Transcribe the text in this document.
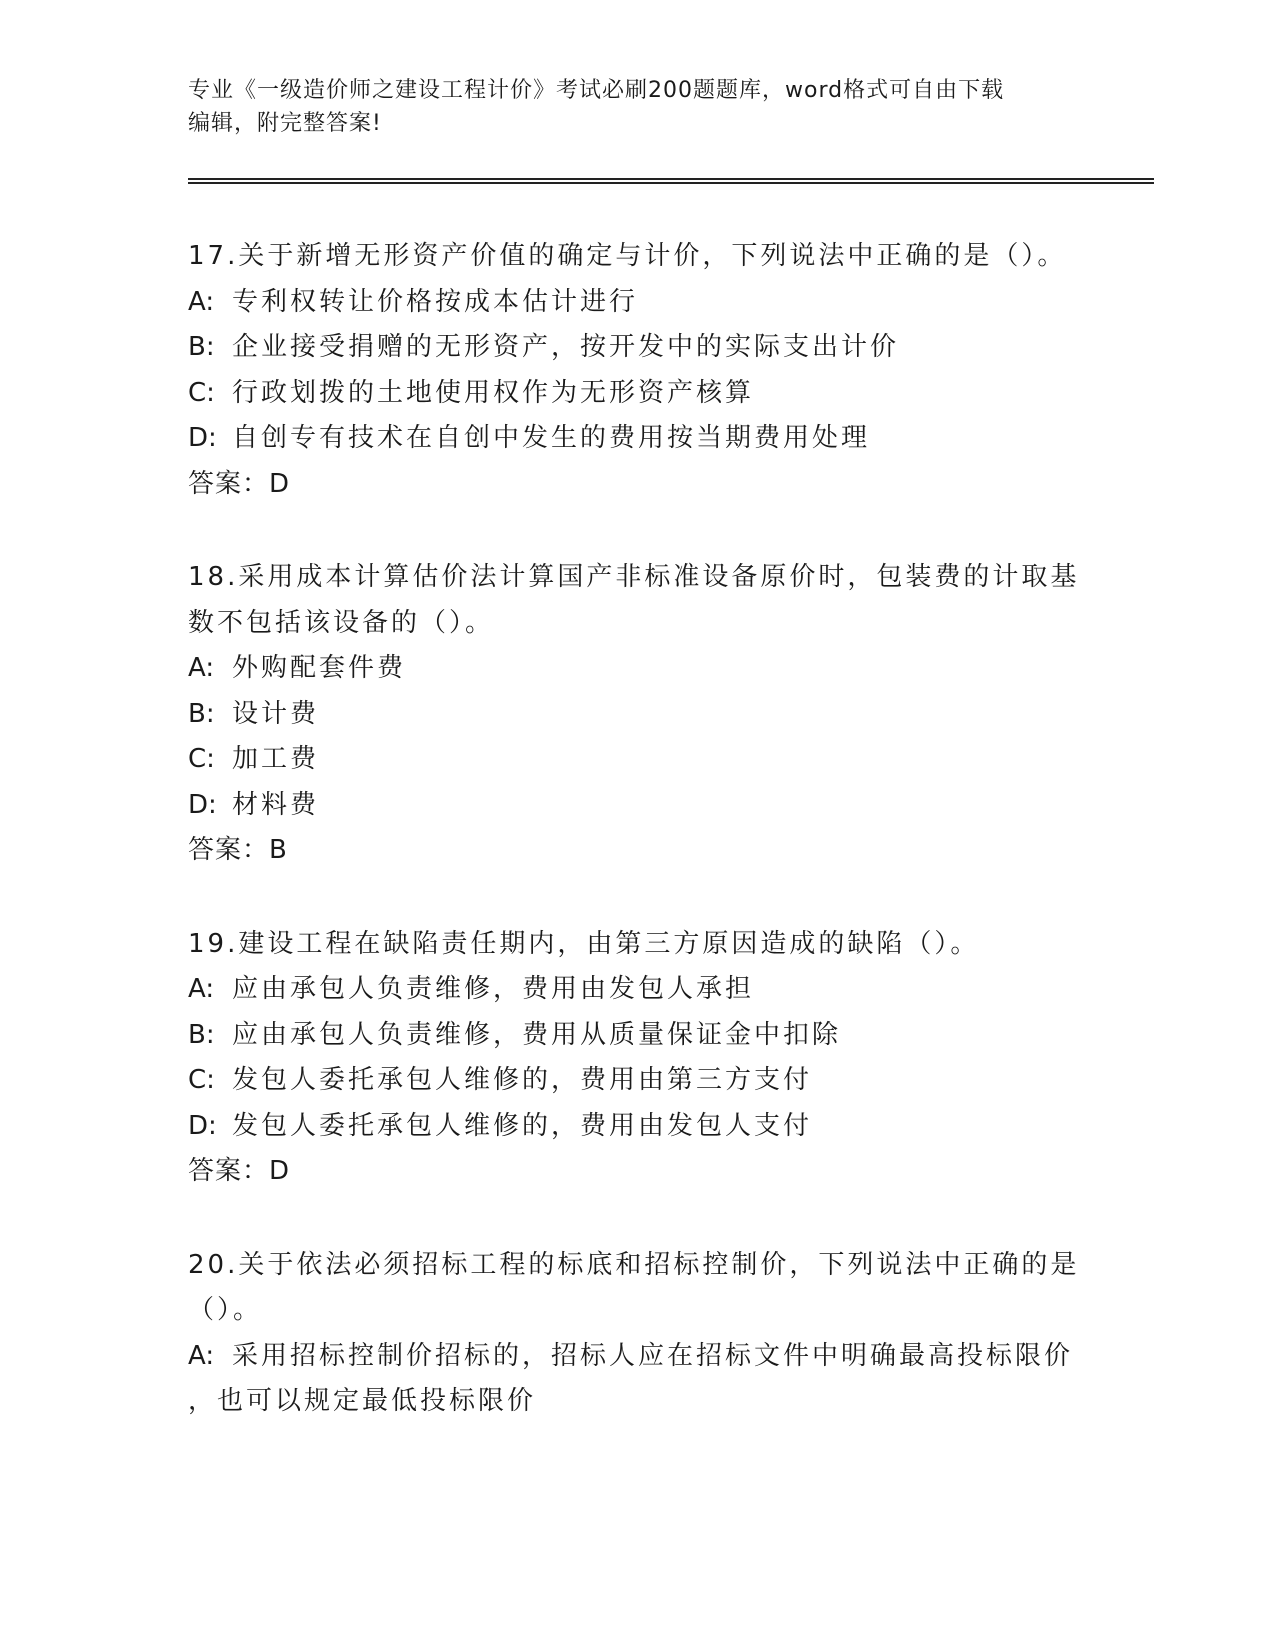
专业《一级造价师之建设工程计价》考试必刷200题题库，word格式可自由下载
编辑，附完整答案!

17.关于新增无形资产价值的确定与计价，下列说法中正确的是（）。

A: 专利权转让价格按成本估计进行

B: 企业接受捐赠的无形资产，按开发中的实际支出计价

C: 行政划拨的土地使用权作为无形资产核算

D: 自创专有技术在自创中发生的费用按当期费用处理

答案：D

18.采用成本计算估价法计算国产非标准设备原价时，包装费的计取基

数不包括该设备的（）。

A: 外购配套件费

B: 设计费

C: 加工费

D: 材料费

答案：B

19.建设工程在缺陷责任期内，由第三方原因造成的缺陷（）。

A: 应由承包人负责维修，费用由发包人承担

B: 应由承包人负责维修，费用从质量保证金中扣除

C: 发包人委托承包人维修的，费用由第三方支付

D: 发包人委托承包人维修的，费用由发包人支付

答案：D

20.关于依法必须招标工程的标底和招标控制价，下列说法中正确的是

（）。

A: 采用招标控制价招标的，招标人应在招标文件中明确最高投标限价

，也可以规定最低投标限价
